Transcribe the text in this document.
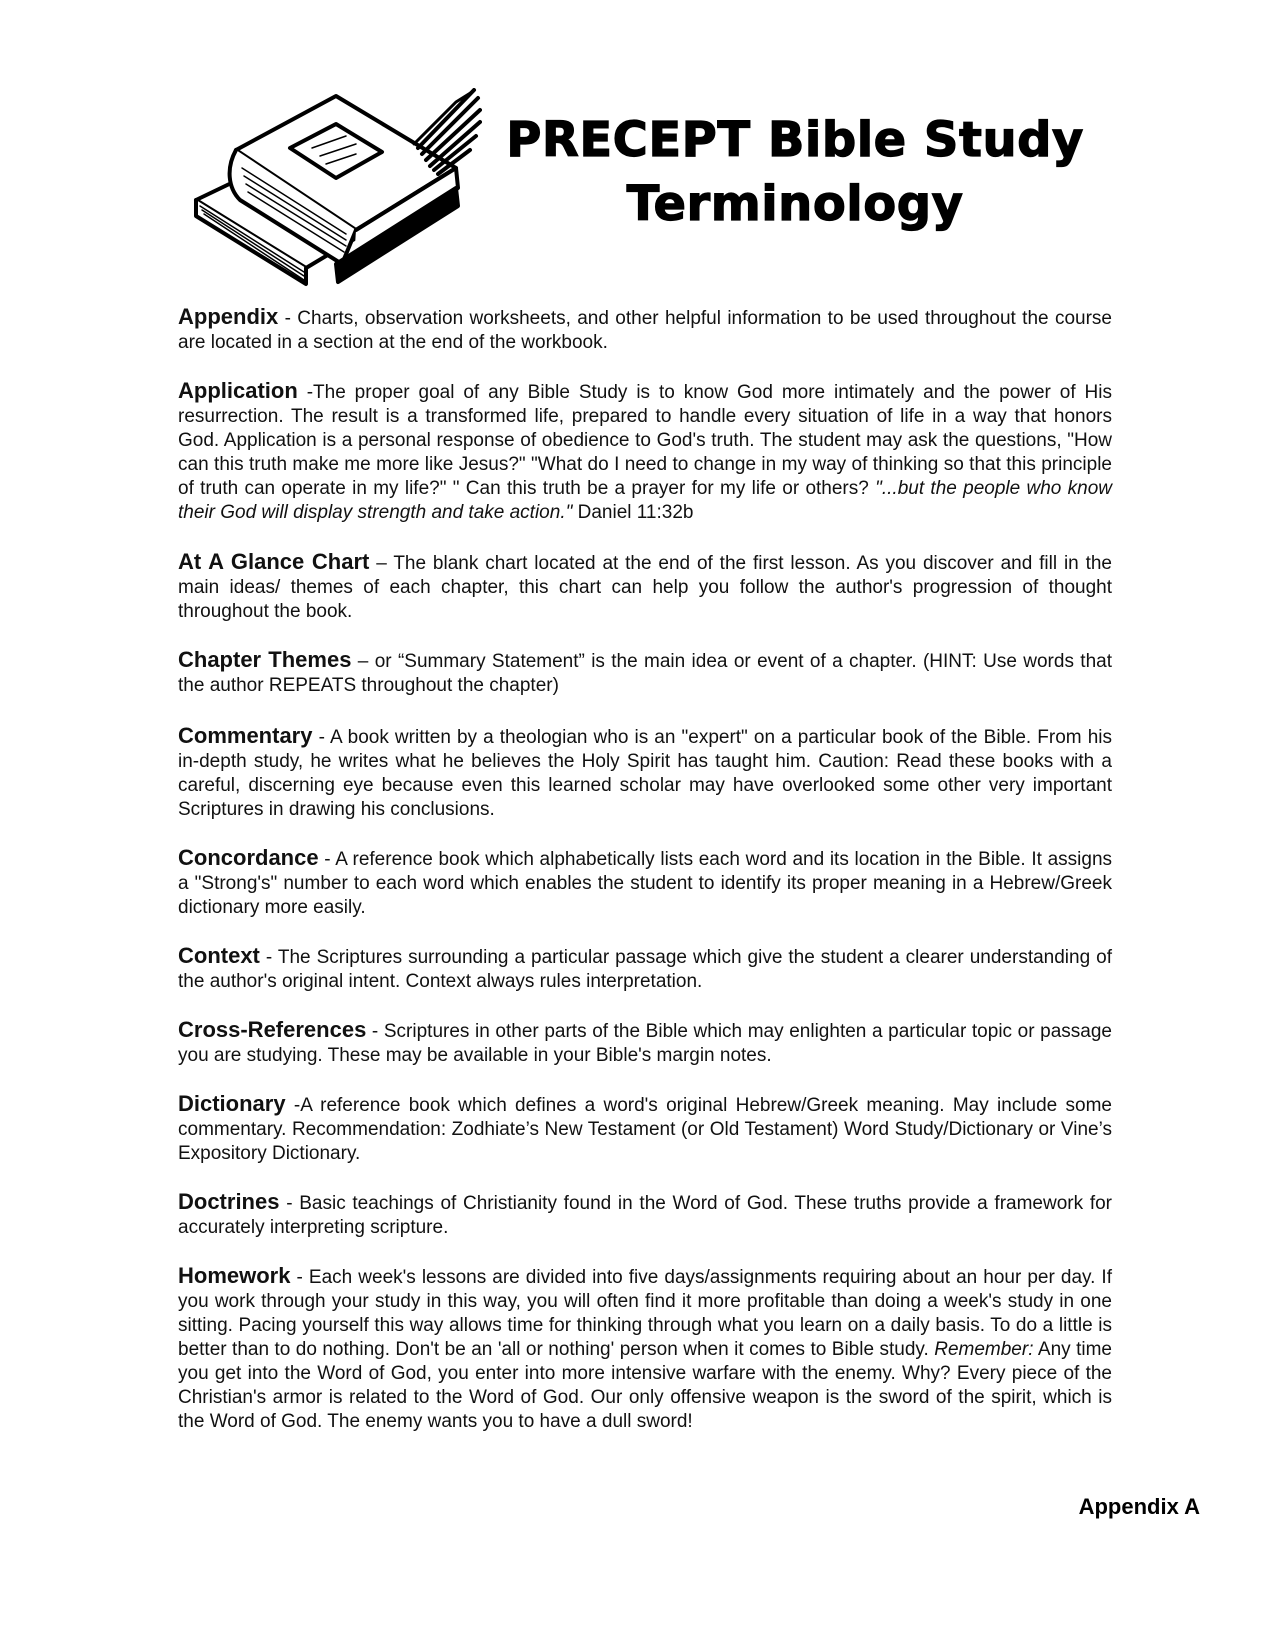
PRECEPT Bible Study
Terminology

Appendix - Charts, observation worksheets, and other helpful information to be used throughout the course are located in a section at the end of the workbook.

Application -The proper goal of any Bible Study is to know God more intimately and the power of His resurrection. The result is a transformed life, prepared to handle every situation of life in a way that honors God. Application is a personal response of obedience to God's truth. The student may ask the questions, "How can this truth make me more like Jesus?" "What do I need to change in my way of thinking so that this principle of truth can operate in my life?" " Can this truth be a prayer for my life or others? "...but the people who know their God will display strength and take action." Daniel 11:32b

At A Glance Chart – The blank chart located at the end of the first lesson. As you discover and fill in the main ideas/ themes of each chapter, this chart can help you follow the author's progression of thought throughout the book.

Chapter Themes – or “Summary Statement” is the main idea or event of a chapter. (HINT: Use words that the author REPEATS throughout the chapter)

Commentary - A book written by a theologian who is an "expert" on a particular book of the Bible. From his in-depth study, he writes what he believes the Holy Spirit has taught him. Caution: Read these books with a careful, discerning eye because even this learned scholar may have overlooked some other very important Scriptures in drawing his conclusions.

Concordance - A reference book which alphabetically lists each word and its location in the Bible. It assigns a "Strong's" number to each word which enables the student to identify its proper meaning in a Hebrew/Greek dictionary more easily.

Context - The Scriptures surrounding a particular passage which give the student a clearer understanding of the author's original intent. Context always rules interpretation.

Cross-References - Scriptures in other parts of the Bible which may enlighten a particular topic or passage you are studying. These may be available in your Bible's margin notes.

Dictionary -A reference book which defines a word's original Hebrew/Greek meaning. May include some commentary. Recommendation: Zodhiate’s New Testament (or Old Testament) Word Study/Dictionary or Vine’s Expository Dictionary.

Doctrines - Basic teachings of Christianity found in the Word of God. These truths provide a framework for accurately interpreting scripture.

Homework - Each week's lessons are divided into five days/assignments requiring about an hour per day. If you work through your study in this way, you will often find it more profitable than doing a week's study in one sitting. Pacing yourself this way allows time for thinking through what you learn on a daily basis. To do a little is better than to do nothing. Don't be an 'all or nothing' person when it comes to Bible study. Remember: Any time you get into the Word of God, you enter into more intensive warfare with the enemy. Why? Every piece of the Christian's armor is related to the Word of God. Our only offensive weapon is the sword of the spirit, which is the Word of God. The enemy wants you to have a dull sword!

Appendix A
